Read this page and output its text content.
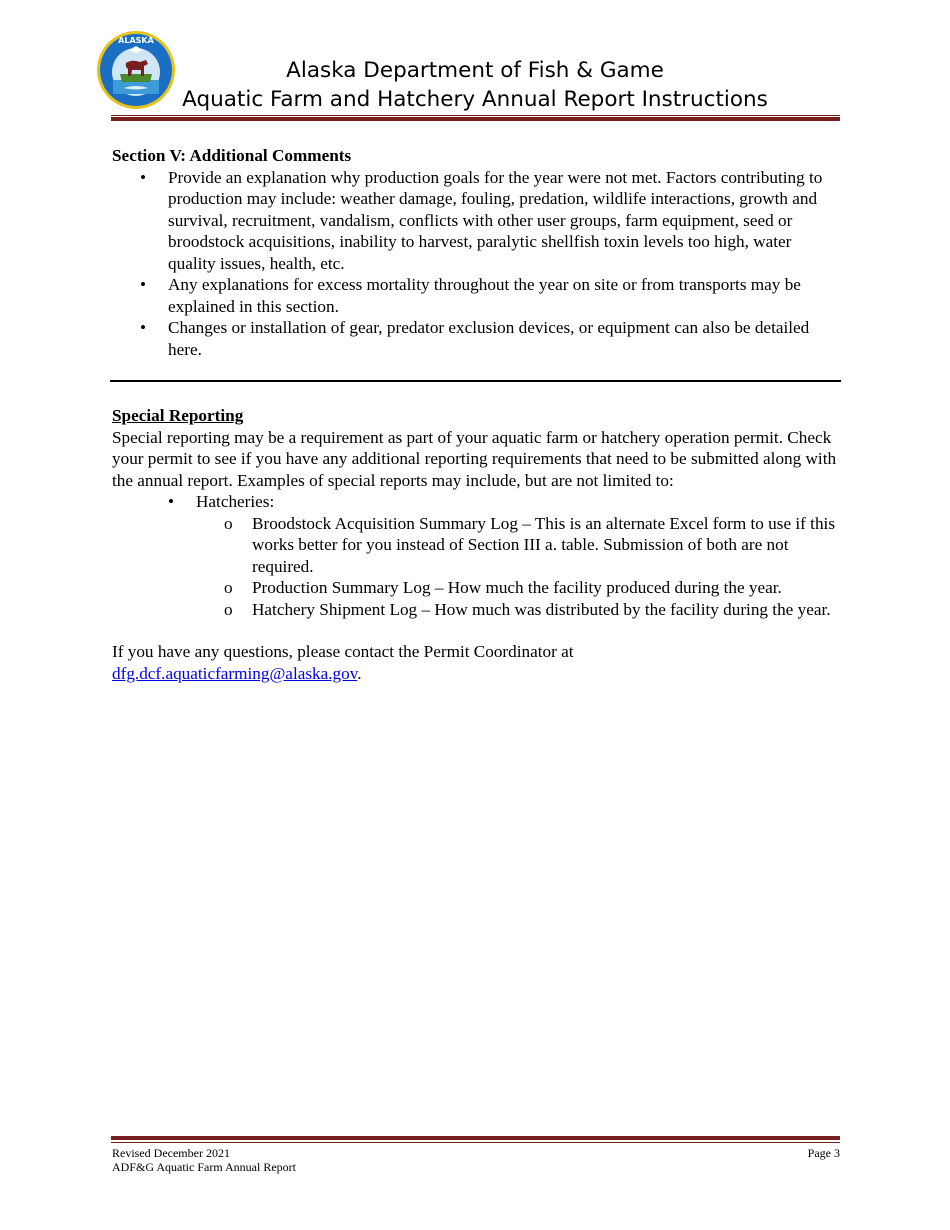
ALASKA
Alaska Department of Fish & Game
Aquatic Farm and Hatchery Annual Report Instructions
Section V: Additional Comments
• Provide an explanation why production goals for the year were not met. Factors contributing to production may include: weather damage, fouling, predation, wildlife interactions, growth and survival, recruitment, vandalism, conflicts with other user groups, farm equipment, seed or broodstock acquisitions, inability to harvest, paralytic shellfish toxin levels too high, water quality issues, health, etc.
• Any explanations for excess mortality throughout the year on site or from transports may be explained in this section.
• Changes or installation of gear, predator exclusion devices, or equipment can also be detailed here.
Special Reporting
Special reporting may be a requirement as part of your aquatic farm or hatchery operation permit. Check your permit to see if you have any additional reporting requirements that need to be submitted along with the annual report. Examples of special reports may include, but are not limited to:
• Hatcheries:
o Broodstock Acquisition Summary Log – This is an alternate Excel form to use if this works better for you instead of Section III a. table. Submission of both are not required.
o Production Summary Log – How much the facility produced during the year.
o Hatchery Shipment Log – How much was distributed by the facility during the year.
If you have any questions, please contact the Permit Coordinator at
dfg.dcf.aquaticfarming@alaska.gov.
Revised December 2021
ADF&G Aquatic Farm Annual Report
Page 3
